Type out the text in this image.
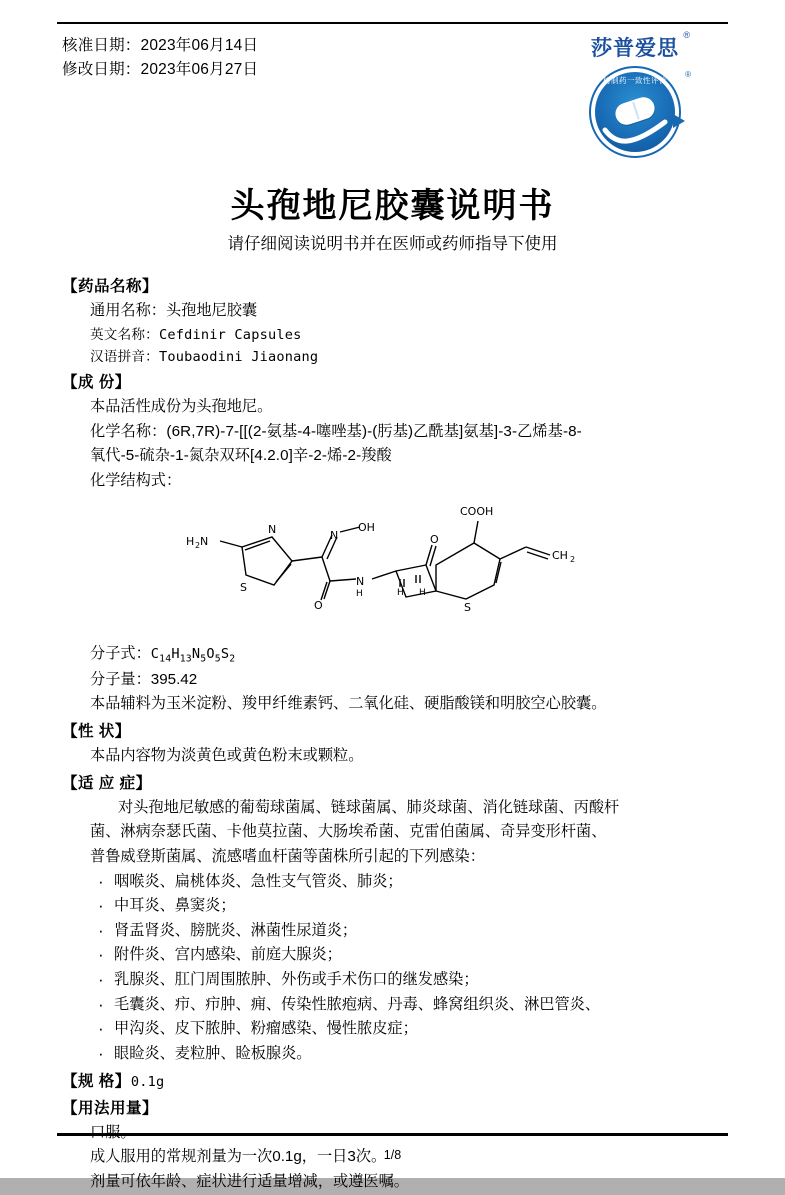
核准日期：2023年06月14日
修改日期：2023年06月27日
莎普爱思
®
仿制药一致性评价
®
头孢地尼胶囊说明书
请仔细阅读说明书并在医师或药师指导下使用
【药品名称】
通用名称：头孢地尼胶囊
英文名称：Cefdinir Capsules
汉语拼音：Toubaodini Jiaonang
【成 份】
本品活性成份为头孢地尼。
化学名称：(6R,7R)-7-[[(2-氨基-4-噻唑基)-(肟基)乙酰基]氨基]-3-乙烯基-8-
氧代-5-硫杂-1-氮杂双环[4.2.0]辛-2-烯-2-羧酸
化学结构式：
H 2 N
N
S
OH
N
O
N
H	H H
S
O
COOH
CH 2
分子式：$C_{14}H_{13}N_5O_5S_2$
分子量：395.42
本品辅料为玉米淀粉、羧甲纤维素钙、二氧化硅、硬脂酸镁和明胶空心胶囊。
【性 状】
本品内容物为淡黄色或黄色粉末或颗粒。
【适 应 症】
对头孢地尼敏感的葡萄球菌属、链球菌属、肺炎球菌、消化链球菌、丙酸杆
菌、淋病奈瑟氏菌、卡他莫拉菌、大肠埃希菌、克雷伯菌属、奇异变形杆菌、
普鲁威登斯菌属、流感嗜血杆菌等菌株所引起的下列感染：
· 咽喉炎、扁桃体炎、急性支气管炎、肺炎；
· 中耳炎、鼻窦炎；
· 肾盂肾炎、膀胱炎、淋菌性尿道炎；
· 附件炎、宫内感染、前庭大腺炎；
· 乳腺炎、肛门周围脓肿、外伤或手术伤口的继发感染；
· 毛囊炎、疖、疖肿、痈、传染性脓疱病、丹毒、蜂窝组织炎、淋巴管炎、
· 甲沟炎、皮下脓肿、粉瘤感染、慢性脓皮症；
· 眼睑炎、麦粒肿、睑板腺炎。
【规 格】0.1g
【用法用量】
成人服用的常规剂量为一次0.1g，一日3次。
剂量可依年龄、症状进行适量增减，或遵医嘱。
1/8
